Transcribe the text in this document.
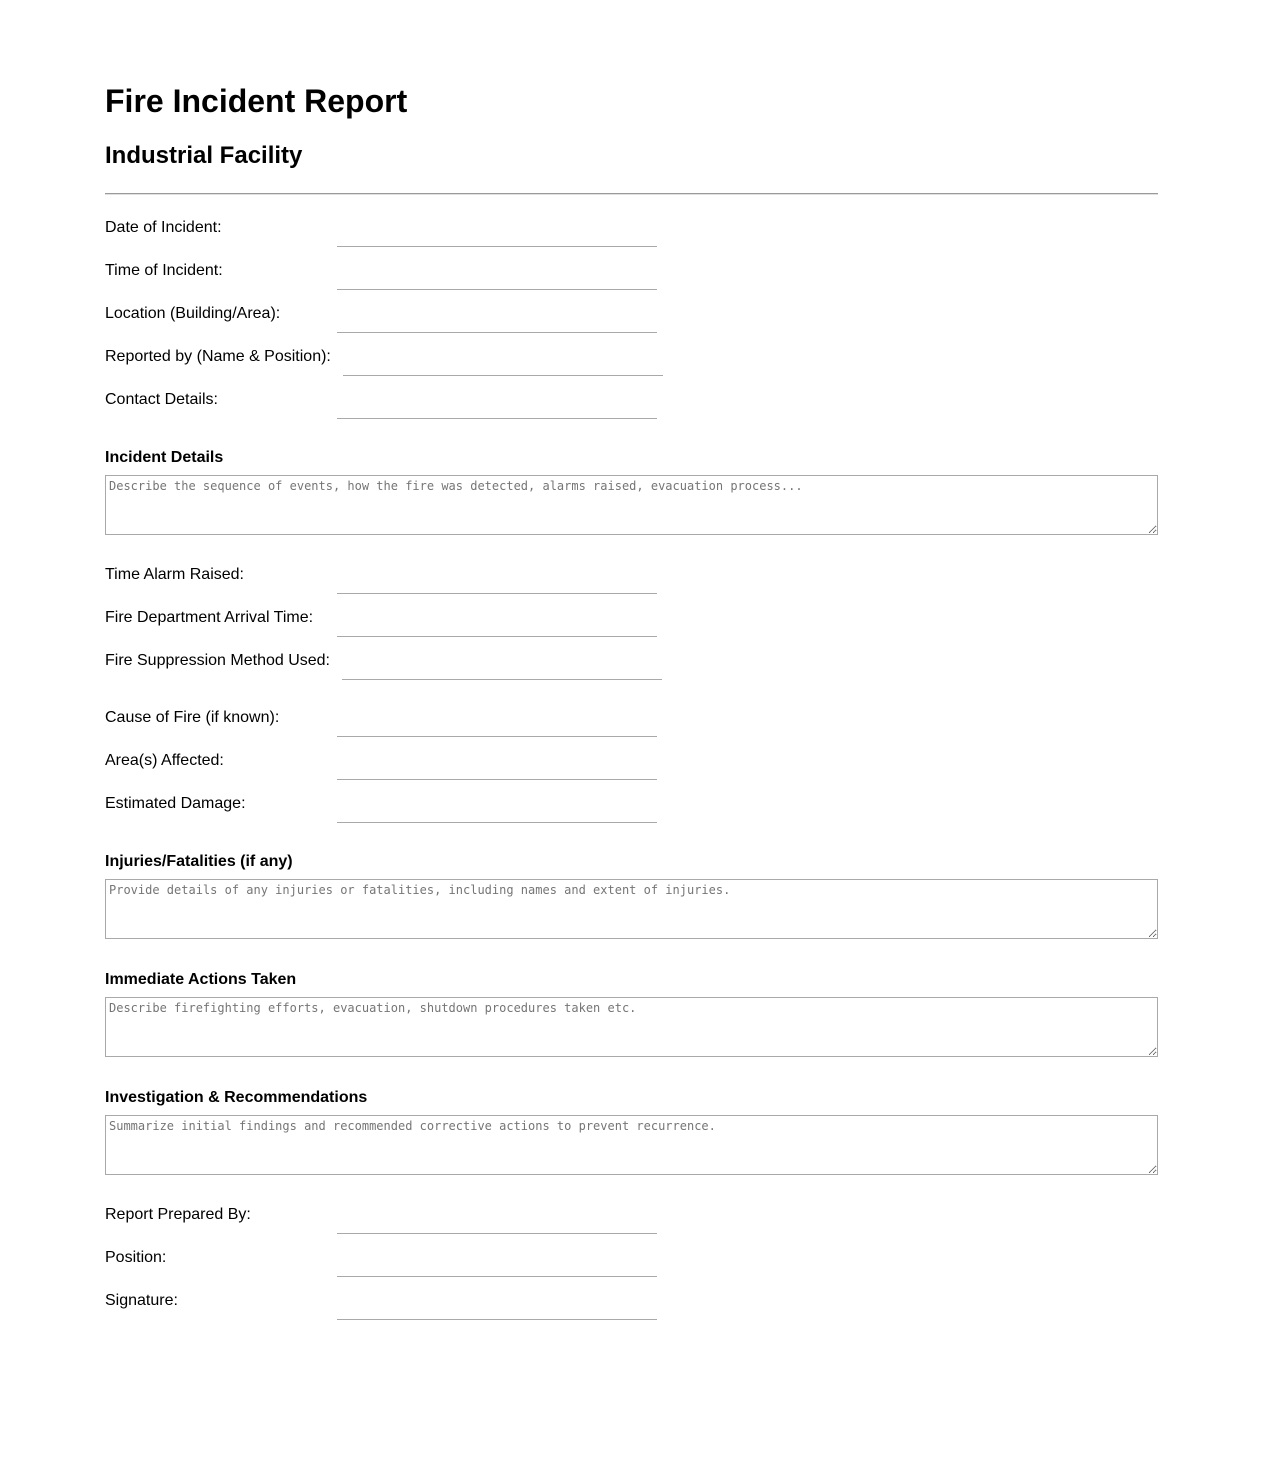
Fire Incident Report
Industrial Facility
Date of Incident:
Time of Incident:
Location (Building/Area):
Reported by (Name & Position):
Contact Details:
Incident Details
Describe the sequence of events, how the fire was detected, alarms raised, evacuation process...
Time Alarm Raised:
Fire Department Arrival Time:
Fire Suppression Method Used:
Cause of Fire (if known):
Area(s) Affected:
Estimated Damage:
Injuries/Fatalities (if any)
Provide details of any injuries or fatalities, including names and extent of injuries.
Immediate Actions Taken
Describe firefighting efforts, evacuation, shutdown procedures taken etc.
Investigation & Recommendations
Summarize initial findings and recommended corrective actions to prevent recurrence.
Report Prepared By:
Position:
Signature:
